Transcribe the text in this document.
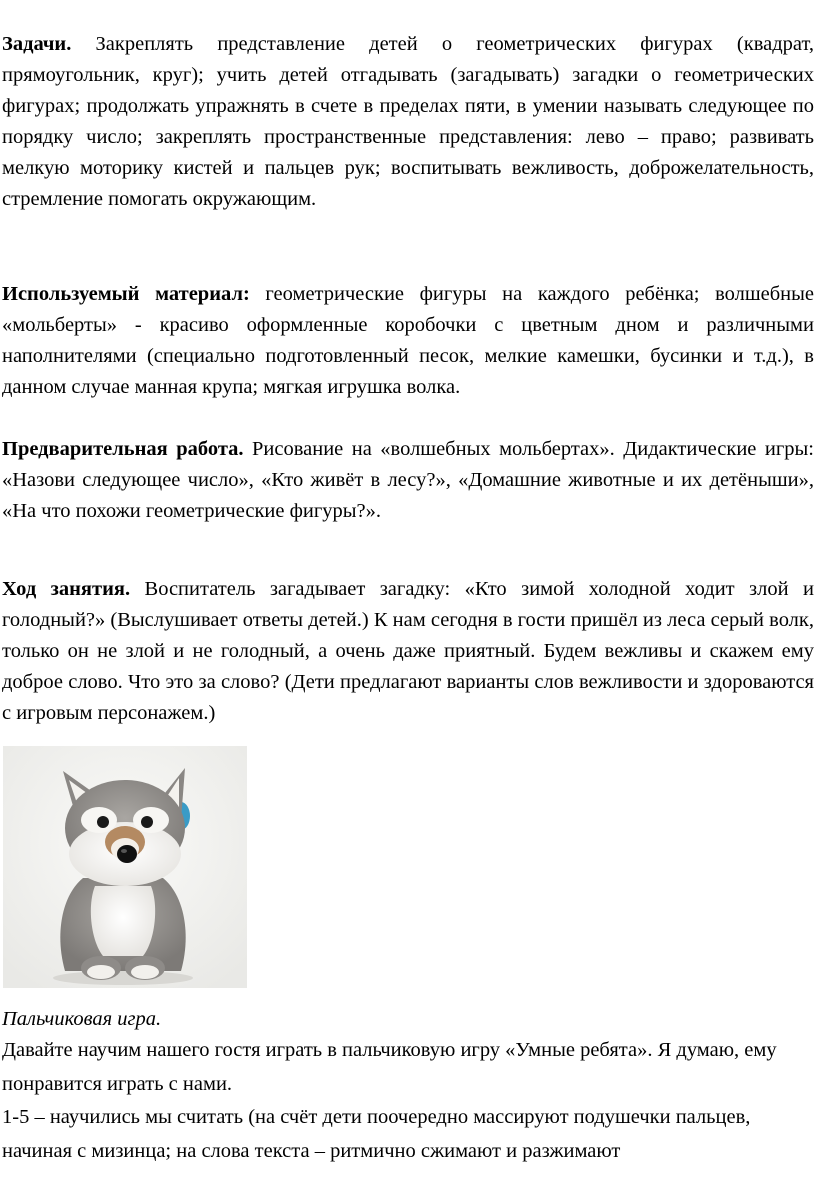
Задачи. Закреплять представление детей о геометрических фигурах (квадрат, прямоугольник, круг); учить детей отгадывать (загадывать) загадки о геометрических фигурах; продолжать упражнять в счете в пределах пяти, в умении называть следующее по порядку число; закреплять пространственные представления: лево – право; развивать мелкую моторику кистей и пальцев рук; воспитывать вежливость, доброжелательность, стремление помогать окружающим.

Используемый материал: геометрические фигуры на каждого ребёнка; волшебные «мольберты» - красиво оформленные коробочки с цветным дном и различными наполнителями (специально подготовленный песок, мелкие камешки, бусинки и т.д.), в данном случае манная крупа; мягкая игрушка волка.

Предварительная работа. Рисование на «волшебных мольбертах». Дидактические игры: «Назови следующее число», «Кто живёт в лесу?», «Домашние животные и их детёныши», «На что похожи геометрические фигуры?».

Ход занятия. Воспитатель загадывает загадку: «Кто зимой холодной ходит злой и голодный?» (Выслушивает ответы детей.) К нам сегодня в гости пришёл из леса серый волк, только он не злой и не голодный, а очень даже приятный. Будем вежливы и скажем ему доброе слово. Что это за слово? (Дети предлагают варианты слов вежливости и здороваются с игровым персонажем.)

Пальчиковая игра.

Давайте научим нашего гостя играть в пальчиковую игру «Умные ребята». Я думаю, ему понравится играть с нами.

1-5 – научились мы считать (на счёт дети поочередно массируют подушечки пальцев, начиная с мизинца; на слова текста – ритмично сжимают и разжимают
